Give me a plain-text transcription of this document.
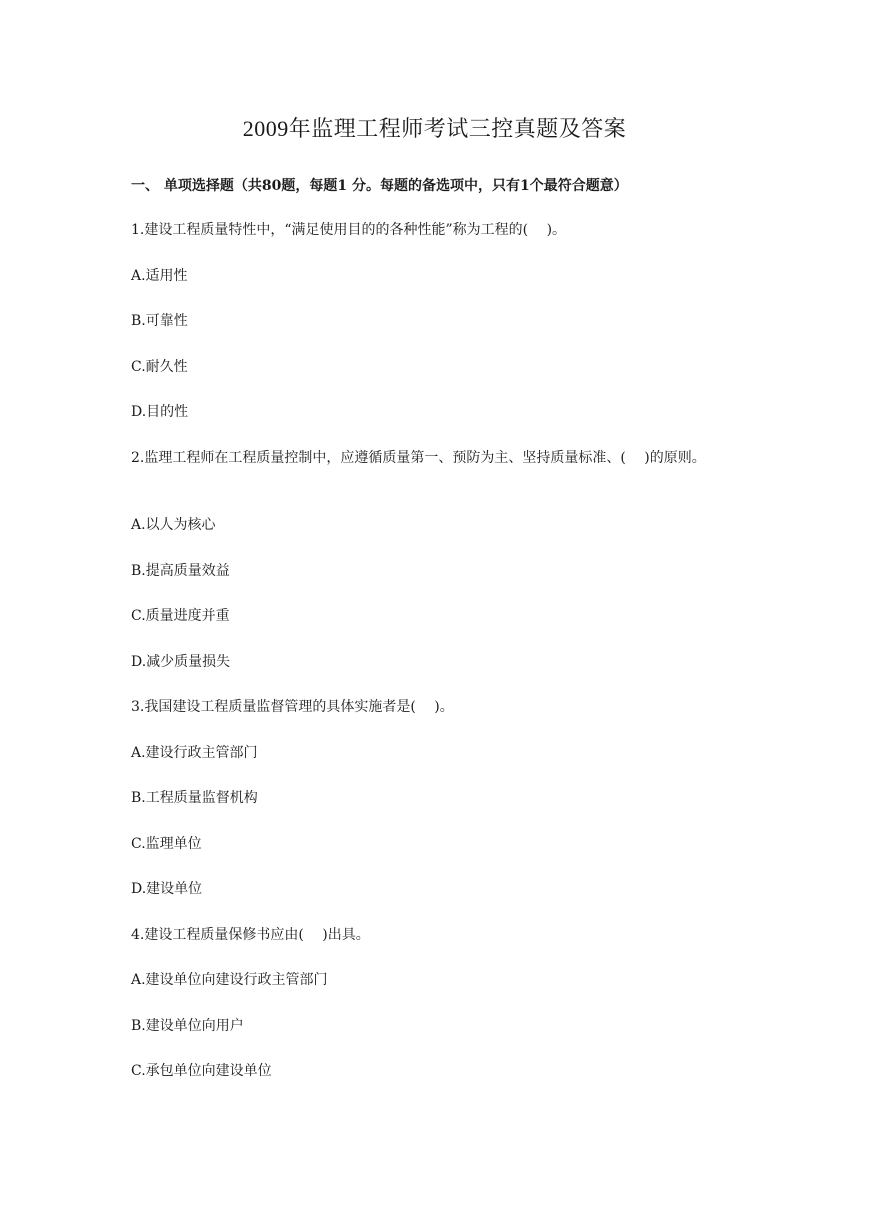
2009年监理工程师考试三控真题及答案
一、 单项选择题（共80题，每题1 分。每题的备选项中，只有1个最符合题意）
1.建设工程质量特性中，“满足使用目的的各种性能”称为工程的(　 )。
A.适用性
B.可靠性
C.耐久性
D.目的性
2.监理工程师在工程质量控制中，应遵循质量第一、预防为主、坚持质量标准、(　 )的原则。
A.以人为核心
B.提高质量效益
C.质量进度并重
D.减少质量损失
3.我国建设工程质量监督管理的具体实施者是(　 )。
A.建设行政主管部门
B.工程质量监督机构
C.监理单位
D.建设单位
4.建设工程质量保修书应由(　 )出具。
A.建设单位向建设行政主管部门
B.建设单位向用户
C.承包单位向建设单位
